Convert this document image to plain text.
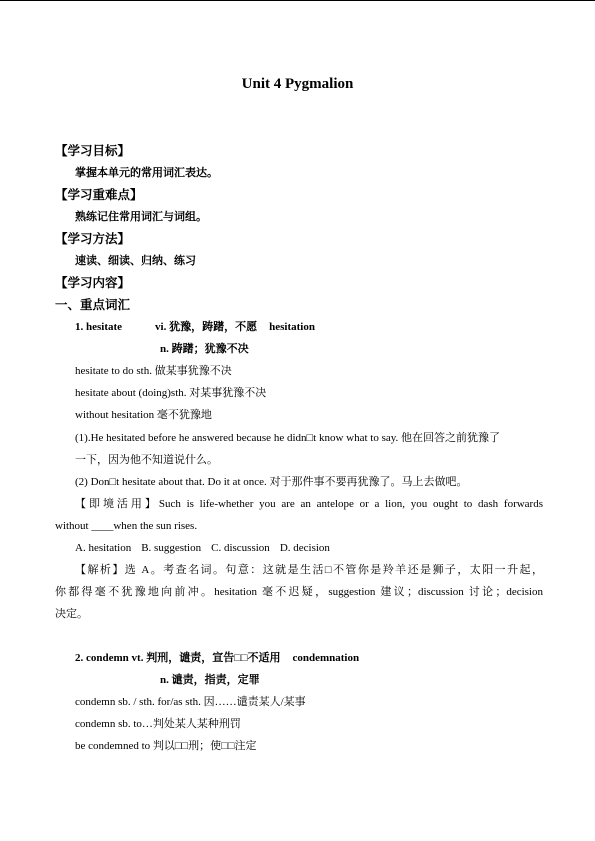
Unit 4 Pygmalion
【学习目标】
掌握本单元的常用词汇表达。
【学习重难点】
熟练记住常用词汇与词组。
【学习方法】
速读、细读、归纳、练习
【学习内容】
一、重点词汇
1. hesitate	vi. 犹豫，踌躇，不愿 hesitation
n. 踌躇；犹豫不决
hesitate to do sth. 做某事犹豫不决
hesitate about (doing)sth. 对某事犹豫不决
without hesitation 毫不犹豫地
(1).He hesitated before he answered because he didn□t know what to say. 他在回答之前犹豫了
一下，因为他不知道说什么。
(2) Don□t hesitate about that. Do it at once. 对于那件事不要再犹豫了。马上去做吧。
【即境活用】Such is life-whether you are an antelope or a lion, you ought to dash forwards
without ____when the sun rises.
A. hesitation B. suggestion C. discussion D. decision
【解析】选 A。考查名词。句意：这就是生活□不管你是羚羊还是狮子，太阳一升起，
你都得毫不犹豫地向前冲。hesitation 毫不迟疑，suggestion 建议；discussion 讨论；decision
决定。
2. condemn vt. 判刑，谴责，宣告□□不适用 condemnation
n. 谴责，指责，定罪
condemn sb. / sth. for/as sth. 因……谴责某人/某事
condemn sb. to…判处某人某种刑罚
be condemned to 判以□□刑；使□□注定
